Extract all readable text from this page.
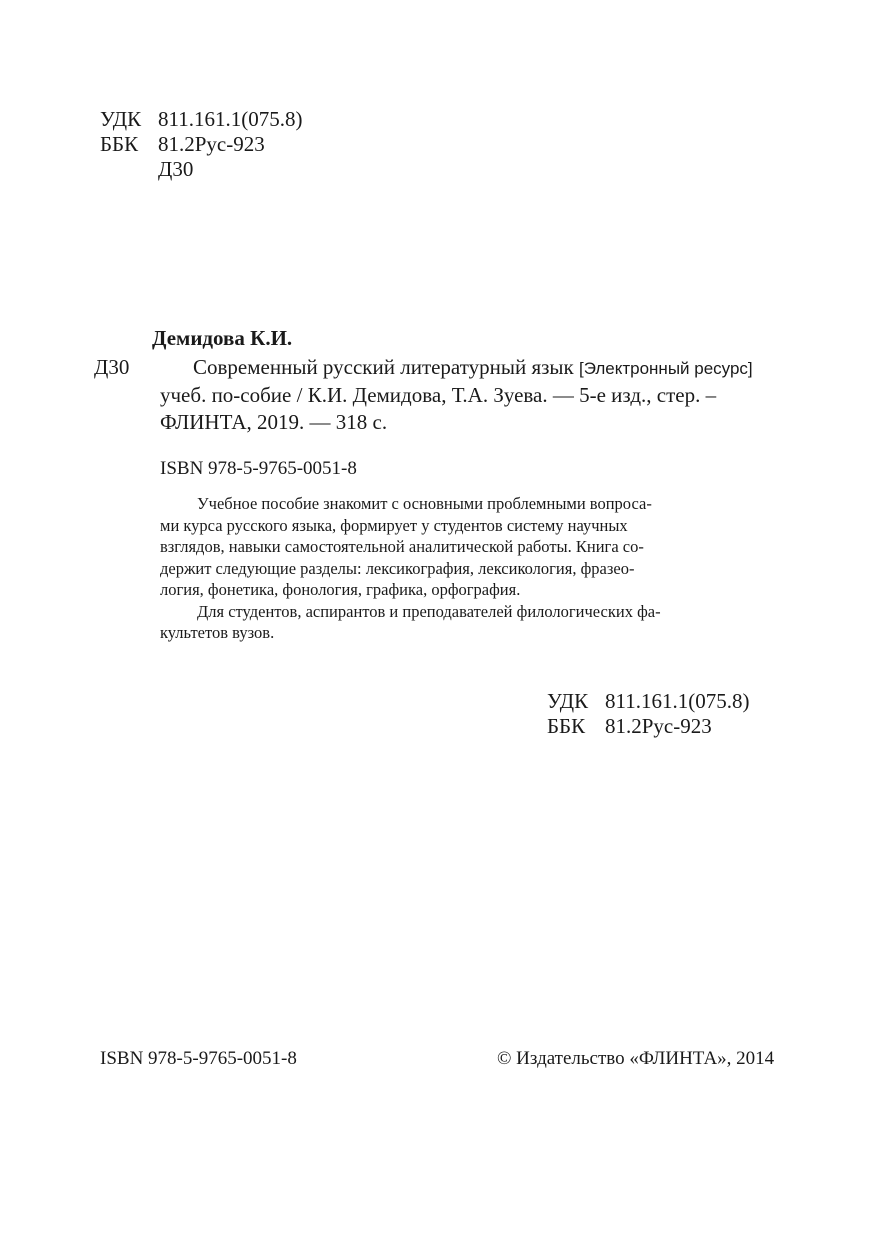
УДК 811.161.1(075.8)
ББК 81.2Рус-923
Д30
Демидова К.И.
Д30	Современный русский литературный язык [Электронный ресурс]
учеб. по-собие / К.И. Демидова, Т.А. Зуева. — 5-е изд., стер. –
ФЛИНТА, 2019. — 318 с.
ISBN 978-5-9765-0051-8
Учебное пособие знакомит с основными проблемными вопроса-
ми курса русского языка, формирует у студентов систему научных
взглядов, навыки самостоятельной аналитической работы. Книга со-
держит следующие разделы: лексикография, лексикология, фразео-
логия, фонетика, фонология, графика, орфография.
Для студентов, аспирантов и преподавателей филологических фа-
культетов вузов.
УДК 811.161.1(075.8)
ББК 81.2Рус-923
ISBN 978-5-9765-0051-8	© Издательство «ФЛИНТА», 2014
